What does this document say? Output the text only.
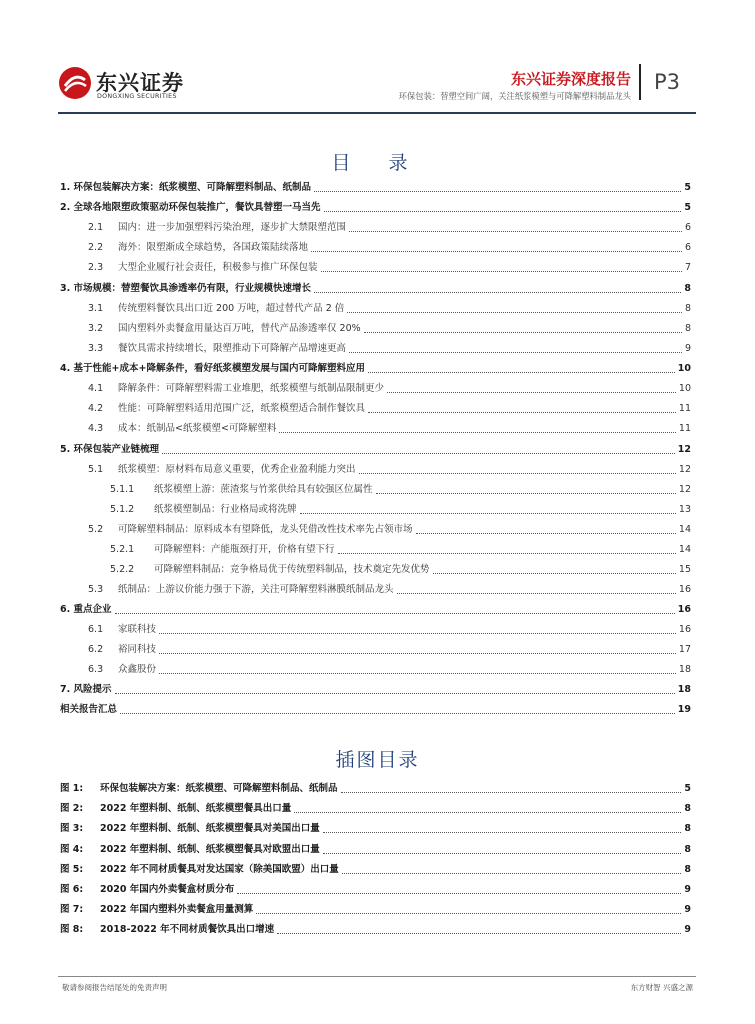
东兴证券
DONGXING SECURITIES
东兴证券深度报告
环保包装：替塑空间广阔，关注纸浆模塑与可降解塑料制品龙头
P3
目 录
1. 环保包装解决方案：纸浆模塑、可降解塑料制品、纸制品	5
2. 全球各地限塑政策驱动环保包装推广，餐饮具替塑一马当先	5
2.1 国内：进一步加强塑料污染治理，逐步扩大禁限塑范围	6
2.2 海外：限塑渐成全球趋势，各国政策陆续落地	6
2.3 大型企业履行社会责任，积极参与推广环保包装	7
3. 市场规模：替塑餐饮具渗透率仍有限，行业规模快速增长	8
3.1 传统塑料餐饮具出口近 200 万吨，超过替代产品 2 倍	8
3.2 国内塑料外卖餐盒用量达百万吨，替代产品渗透率仅 20%	8
3.3 餐饮具需求持续增长，限塑推动下可降解产品增速更高	9
4. 基于性能+成本+降解条件，看好纸浆模塑发展与国内可降解塑料应用	10
4.1 降解条件：可降解塑料需工业堆肥，纸浆模塑与纸制品限制更少	10
4.2 性能：可降解塑料适用范围广泛，纸浆模塑适合制作餐饮具	11
4.3 成本：纸制品<纸浆模塑<可降解塑料	11
5. 环保包装产业链梳理	12
5.1 纸浆模塑：原材料布局意义重要，优秀企业盈利能力突出	12
5.1.1 纸浆模塑上游：蔗渣浆与竹浆供给具有较强区位属性	12
5.1.2 纸浆模塑制品：行业格局或将洗牌	13
5.2 可降解塑料制品：原料成本有望降低，龙头凭借改性技术率先占领市场	14
5.2.1 可降解塑料：产能瓶颈打开，价格有望下行	14
5.2.2 可降解塑料制品：竞争格局优于传统塑料制品，技术奠定先发优势	15
5.3 纸制品：上游议价能力强于下游，关注可降解塑料淋膜纸制品龙头	16
6. 重点企业	16
6.1 家联科技	16
6.2 裕同科技	17
6.3 众鑫股份	18
7. 风险提示	18
相关报告汇总	19
插图目录
图 1: 环保包装解决方案：纸浆模塑、可降解塑料制品、纸制品	5
图 2: 2022 年塑料制、纸制、纸浆模塑餐具出口量	8
图 3: 2022 年塑料制、纸制、纸浆模塑餐具对美国出口量	8
图 4: 2022 年塑料制、纸制、纸浆模塑餐具对欧盟出口量	8
图 5: 2022 年不同材质餐具对发达国家（除美国欧盟）出口量	8
图 6: 2020 年国内外卖餐盒材质分布	9
图 7: 2022 年国内塑料外卖餐盒用量测算	9
图 8: 2018-2022 年不同材质餐饮具出口增速	9
敬请参阅报告结尾处的免责声明	东方财智 兴盛之源
